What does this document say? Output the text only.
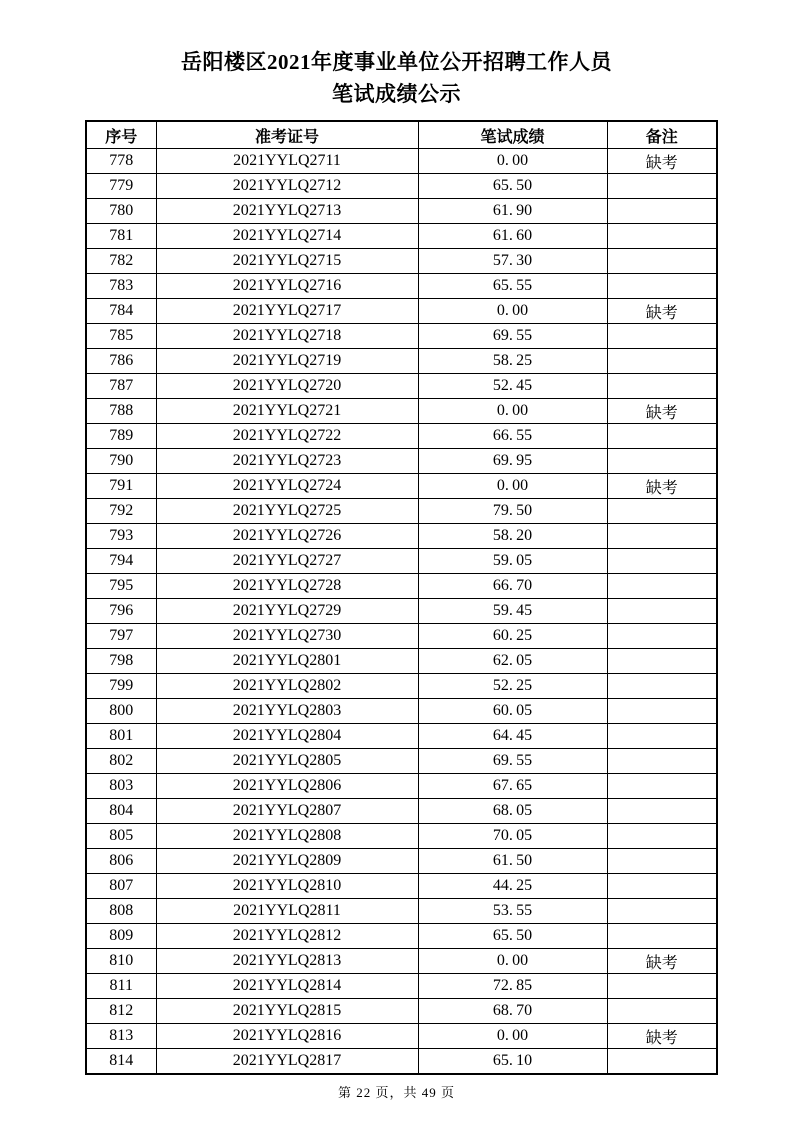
岳阳楼区2021年度事业单位公开招聘工作人员
笔试成绩公示
序号	准考证号	笔试成绩	备注
778	2021YYLQ2711	0. 00	缺考
779	2021YYLQ2712	65. 50	
780	2021YYLQ2713	61. 90	
781	2021YYLQ2714	61. 60	
782	2021YYLQ2715	57. 30	
783	2021YYLQ2716	65. 55	
784	2021YYLQ2717	0. 00	缺考
785	2021YYLQ2718	69. 55	
786	2021YYLQ2719	58. 25	
787	2021YYLQ2720	52. 45	
788	2021YYLQ2721	0. 00	缺考
789	2021YYLQ2722	66. 55	
790	2021YYLQ2723	69. 95	
791	2021YYLQ2724	0. 00	缺考
792	2021YYLQ2725	79. 50	
793	2021YYLQ2726	58. 20	
794	2021YYLQ2727	59. 05	
795	2021YYLQ2728	66. 70	
796	2021YYLQ2729	59. 45	
797	2021YYLQ2730	60. 25	
798	2021YYLQ2801	62. 05	
799	2021YYLQ2802	52. 25	
800	2021YYLQ2803	60. 05	
801	2021YYLQ2804	64. 45	
802	2021YYLQ2805	69. 55	
803	2021YYLQ2806	67. 65	
804	2021YYLQ2807	68. 05	
805	2021YYLQ2808	70. 05	
806	2021YYLQ2809	61. 50	
807	2021YYLQ2810	44. 25	
808	2021YYLQ2811	53. 55	
809	2021YYLQ2812	65. 50	
810	2021YYLQ2813	0. 00	缺考
811	2021YYLQ2814	72. 85	
812	2021YYLQ2815	68. 70	
813	2021YYLQ2816	0. 00	缺考
814	2021YYLQ2817	65. 10	
第 22 页，共 49 页
